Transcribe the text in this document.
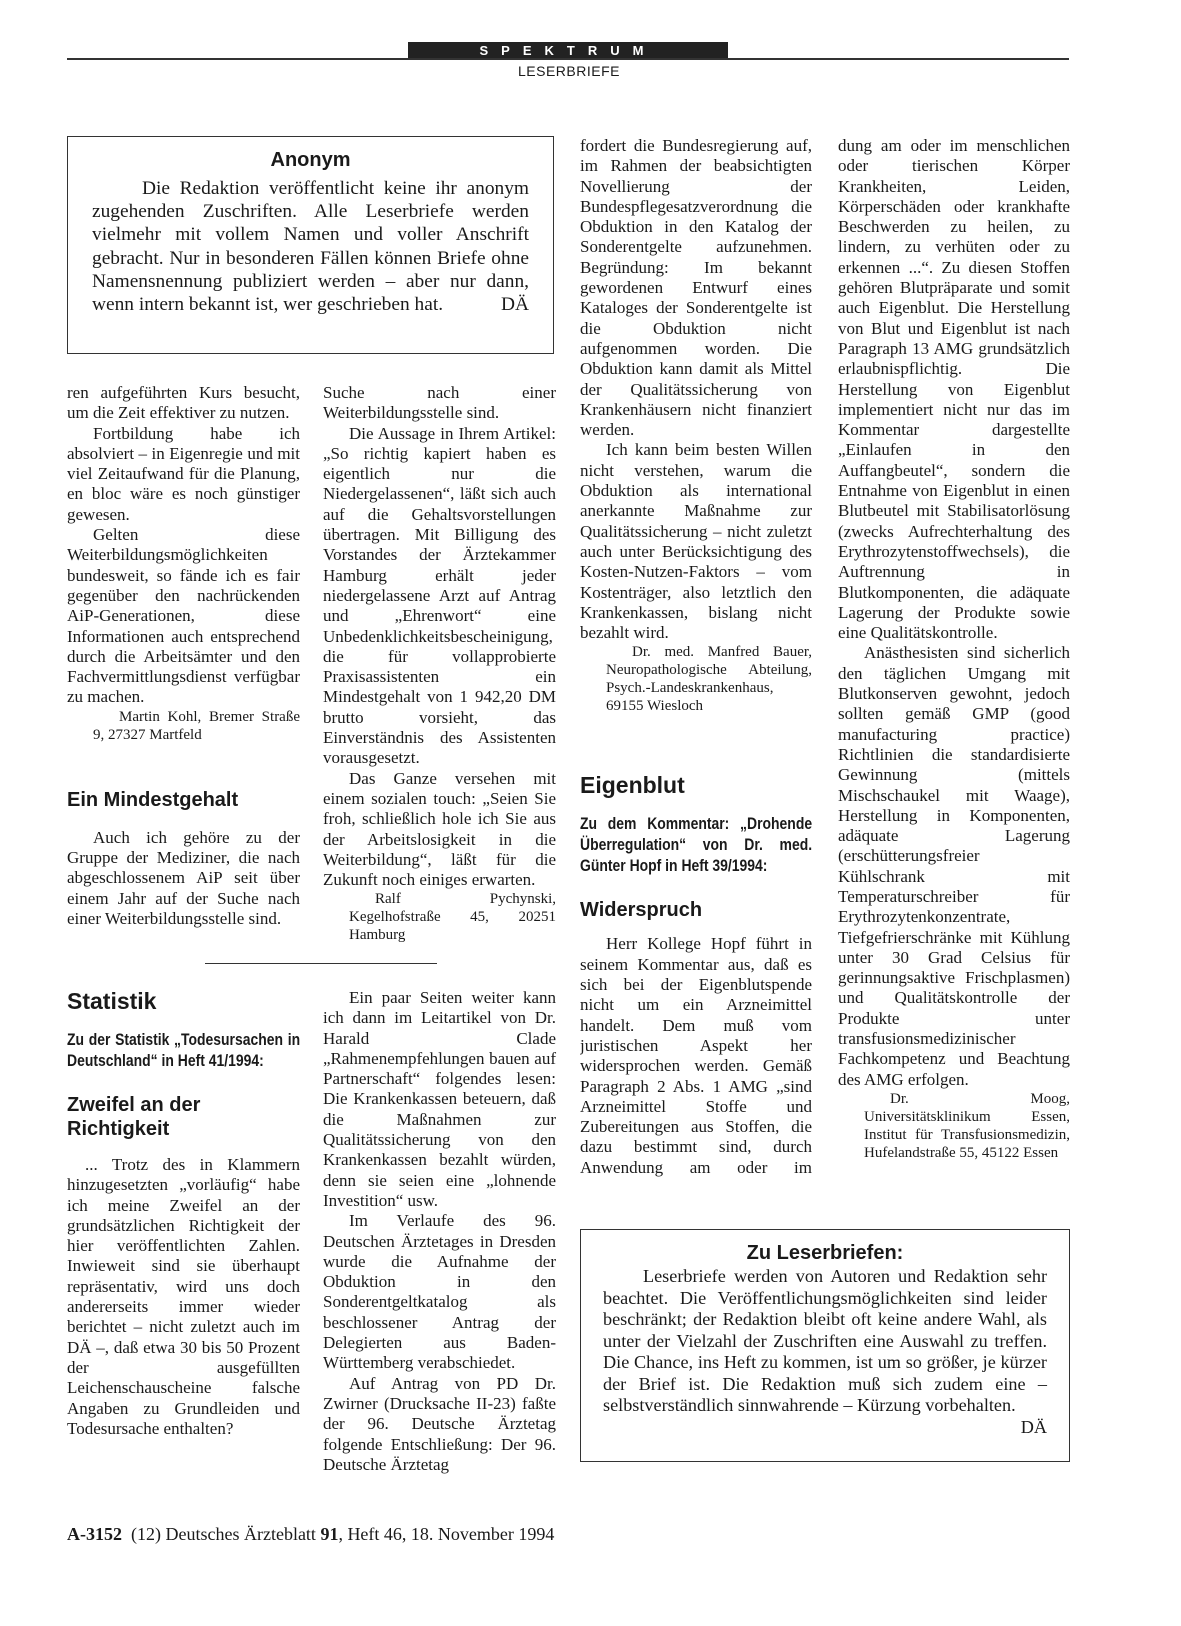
SPEKTRUM
LESERBRIEFE
Anonym

Die Redaktion veröffentlicht keine ihr anonym zugehenden Zuschriften. Alle Leserbriefe werden vielmehr mit vollem Namen und voller Anschrift gebracht. Nur in besonderen Fällen können Briefe ohne Namensnennung publiziert werden – aber nur dann, wenn intern bekannt ist, wer geschrieben hat.	DÄ

ren aufgeführten Kurs besucht, um die Zeit effektiver zu nutzen.

Fortbildung habe ich absolviert – in Eigenregie und mit viel Zeitaufwand für die Planung, en bloc wäre es noch günstiger gewesen.

Gelten diese Weiterbildungsmöglichkeiten bundesweit, so fände ich es fair gegenüber den nachrückenden AiP-Generationen, diese Informationen auch entsprechend durch die Arbeitsämter und den Fachvermittlungsdienst verfügbar zu machen.

Martin Kohl, Bremer Straße 9, 27327 Martfeld

Ein Mindestgehalt
Auch ich gehöre zu der Gruppe der Mediziner, die nach abgeschlossenem AiP seit über einem Jahr auf der Suche nach einer Weiterbildungsstelle sind.

Suche nach einer Weiterbildungsstelle sind.

Die Aussage in Ihrem Artikel: „So richtig kapiert haben es eigentlich nur die Niedergelassenen“, läßt sich auch auf die Gehaltsvorstellungen übertragen. Mit Billigung des Vorstandes der Ärztekammer Hamburg erhält jeder niedergelassene Arzt auf Antrag und „Ehrenwort“ eine Unbedenklichkeitsbescheinigung, die für vollapprobierte Praxisassistenten ein Mindestgehalt von 1 942,20 DM brutto vorsieht, das Einverständnis des Assistenten vorausgesetzt.

Das Ganze versehen mit einem sozialen touch: „Seien Sie froh, schließlich hole ich Sie aus der Arbeitslosigkeit in die Weiterbildung“, läßt für die Zukunft noch einiges erwarten.

Ralf Pychynski, Kegelhofstraße 45, 20251 Hamburg

Statistik

Zu der Statistik „Todesursachen in Deutschland“ in Heft 41/1994:

Zweifel an der Richtigkeit

... Trotz des in Klammern hinzugesetzten „vorläufig“ habe ich meine Zweifel an der grundsätzlichen Richtigkeit der hier veröffentlichten Zahlen. Inwieweit sind sie überhaupt repräsentativ, wird uns doch andererseits immer wieder berichtet – nicht zuletzt auch im DÄ –, daß etwa 30 bis 50 Prozent der ausgefüllten Leichenschauscheine falsche Angaben zu Grundleiden und Todesursache enthalten?

Ein paar Seiten weiter kann ich dann im Leitartikel von Dr. Harald Clade „Rahmenempfehlungen bauen auf Partnerschaft“ folgendes lesen: Die Krankenkassen beteuern, daß die Maßnahmen zur Qualitätssicherung von den Krankenkassen bezahlt würden, denn sie seien eine „lohnende Investition“ usw.

Im Verlaufe des 96. Deutschen Ärztetages in Dresden wurde die Aufnahme der Obduktion in den Sonderentgeltkatalog als beschlossener Antrag der Delegierten aus Baden-Württemberg verabschiedet.

Auf Antrag von PD Dr. Zwirner (Drucksache II-23) faßte der 96. Deutsche Ärztetag folgende Entschließung: Der 96. Deutsche Ärztetag

fordert die Bundesregierung auf, im Rahmen der beabsichtigten Novellierung der Bundespflegesatzverordnung die Obduktion in den Katalog der Sonderentgelte aufzunehmen. Begründung: Im bekannt gewordenen Entwurf eines Kataloges der Sonderentgelte ist die Obduktion nicht aufgenommen worden. Die Obduktion kann damit als Mittel der Qualitätssicherung von Krankenhäusern nicht finanziert werden.

Ich kann beim besten Willen nicht verstehen, warum die Obduktion als international anerkannte Maßnahme zur Qualitätssicherung – nicht zuletzt auch unter Berücksichtigung des Kosten-Nutzen-Faktors – vom Kostenträger, also letztlich den Krankenkassen, bislang nicht bezahlt wird.

Dr. med. Manfred Bauer, Neuropathologische Abteilung, Psych.-Landeskrankenhaus, 69155 Wiesloch

Eigenblut

Zu dem Kommentar: „Drohende Überregulation“ von Dr. med. Günter Hopf in Heft 39/1994:

Widerspruch
Herr Kollege Hopf führt in seinem Kommentar aus, daß es sich bei der Eigenblutspende nicht um ein Arzneimittel handelt. Dem muß vom juristischen Aspekt her widersprochen werden. Gemäß Paragraph 2 Abs. 1 AMG „sind Arzneimittel Stoffe und Zubereitungen aus Stoffen, die dazu bestimmt sind, durch Anwendung am oder im

dung am oder im menschlichen oder tierischen Körper Krankheiten, Leiden, Körperschäden oder krankhafte Beschwerden zu heilen, zu lindern, zu verhüten oder zu erkennen ...“. Zu diesen Stoffen gehören Blutpräparate und somit auch Eigenblut. Die Herstellung von Blut und Eigenblut ist nach Paragraph 13 AMG grundsätzlich erlaubnispflichtig. Die Herstellung von Eigenblut implementiert nicht nur das im Kommentar dargestellte „Einlaufen in den Auffangbeutel“, sondern die Entnahme von Eigenblut in einen Blutbeutel mit Stabilisatorlösung (zwecks Aufrechterhaltung des Erythrozytenstoffwechsels), die Auftrennung in Blutkomponenten, die adäquate Lagerung der Produkte sowie eine Qualitätskontrolle.

Anästhesisten sind sicherlich den täglichen Umgang mit Blutkonserven gewohnt, jedoch sollten gemäß GMP (good manufacturing practice) Richtlinien die standardisierte Gewinnung (mittels Mischschaukel mit Waage), Herstellung in Komponenten, adäquate Lagerung (erschütterungsfreier Kühlschrank mit Temperaturschreiber für Erythrozytenkonzentrate, Tiefgefrierschränke mit Kühlung unter 30 Grad Celsius für gerinnungsaktive Frischplasmen) und Qualitätskontrolle der Produkte unter transfusionsmedizinischer Fachkompetenz und Beachtung des AMG erfolgen.

Dr. Moog, Universitätsklinikum Essen, Institut für Transfusionsmedizin, Hufelandstraße 55, 45122 Essen

Zu Leserbriefen:

Leserbriefe werden von Autoren und Redaktion sehr beachtet. Die Veröffentlichungsmöglichkeiten sind leider beschränkt; der Redaktion bleibt oft keine andere Wahl, als unter der Vielzahl der Zuschriften eine Auswahl zu treffen. Die Chance, ins Heft zu kommen, ist um so größer, je kürzer der Brief ist. Die Redaktion muß sich zudem eine – selbstverständlich sinnwahrende – Kürzung vorbehalten.
DÄ

A-3152 (12) Deutsches Ärzteblatt 91, Heft 46, 18. November 1994
